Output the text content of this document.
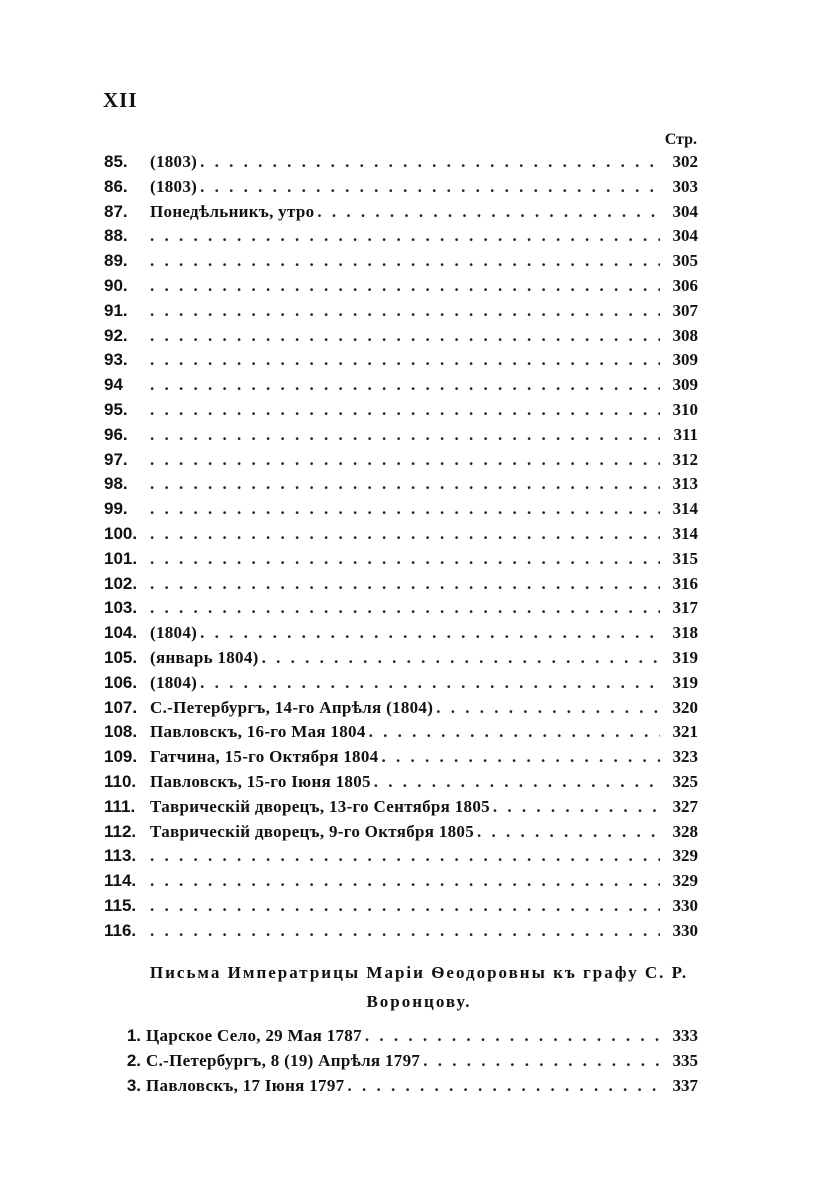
XII
Стр.
85.	(1803) . . .	302
86.	(1803) . . .	303
87.	Понедѣльникъ, утро . . .	304
88. . . .	304
89. . . .	305
90. . . .	306
91. . . .	307
92. . . .	308
93. . . .	309
94 . . .	309
95. . . .	310
96. . . .	311
97. . . .	312
98. . . .	313
99. . . .	314
100. . . .	314
101. . . .	315
102. . . .	316
103. . . .	317
104. (1804) . . .	318
105. (январь 1804) . . .	319
106. (1804) . . .	319
107. С.-Петербургъ, 14-го Апрѣля (1804) . . .	320
108. Павловскъ, 16-го Мая 1804 . . .	321
109. Гатчина, 15-го Октября 1804 . . .	323
110. Павловскъ, 15-го Іюня 1805 . . .	325
111. Таврическій дворецъ, 13-го Сентября 1805 . . .	327
112. Таврическій дворецъ, 9-го Октября 1805 . . .	328
113. . . .	329
114. . . .	329
115. . . .	330
116. . . .	330
Письма Императрицы Маріи Ѳеодоровны къ графу С. Р.
Воронцову.
1. Царское Село, 29 Мая 1787 . . .	333
2. С.-Петербургъ, 8 (19) Апрѣля 1797 . . .	335
3. Павловскъ, 17 Іюня 1797 . . .	337
